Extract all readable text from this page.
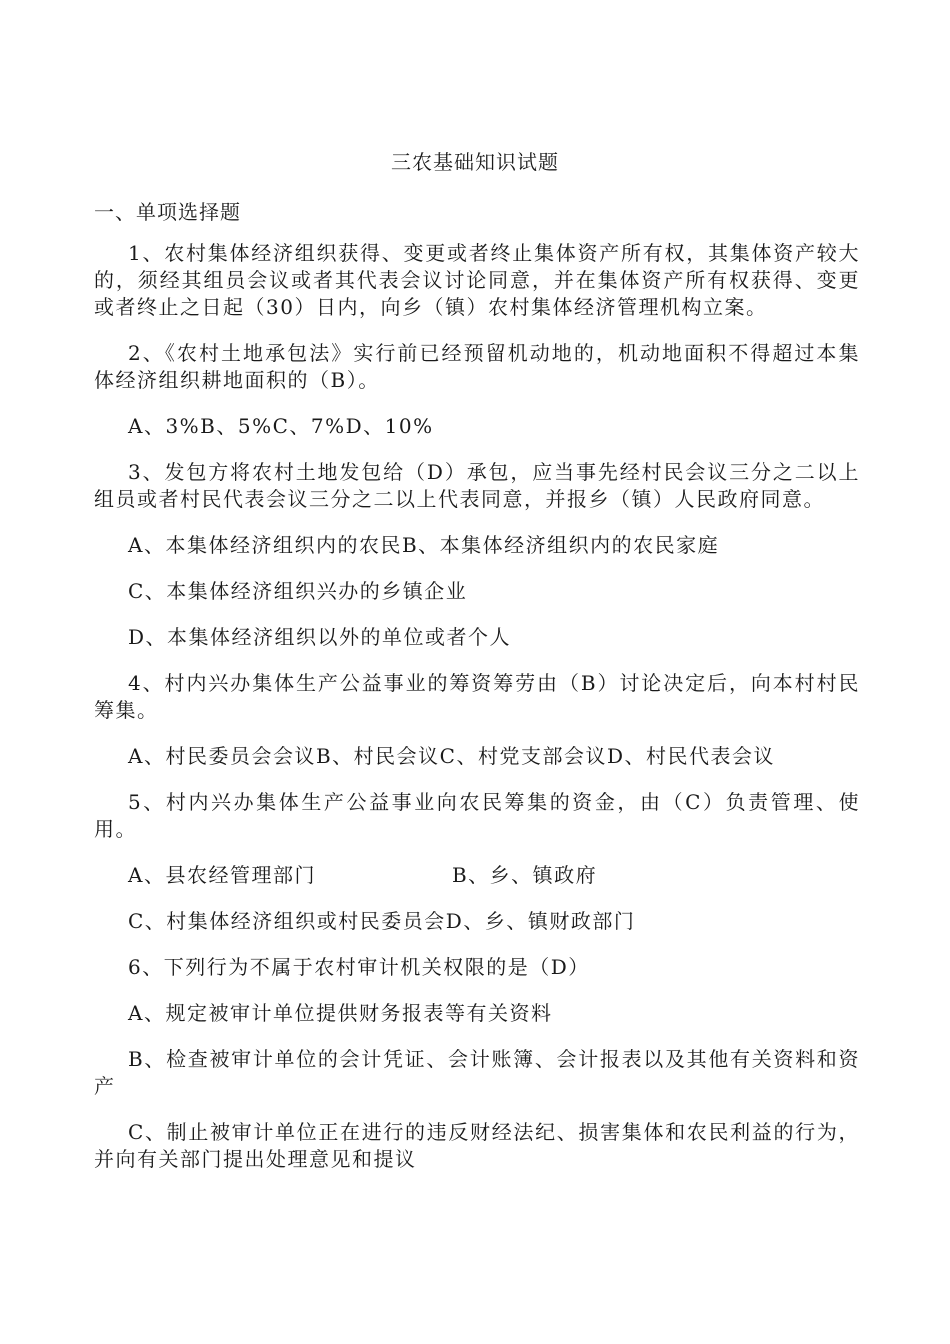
三农基础知识试题
一、单项选择题

1、农村集体经济组织获得、变更或者终止集体资产所有权，其集体资产较大的，须经其组员会议或者其代表会议讨论同意，并在集体资产所有权获得、变更或者终止之日起（30）日内，向乡（镇）农村集体经济管理机构立案。

2、《农村土地承包法》实行前已经预留机动地的，机动地面积不得超过本集体经济组织耕地面积的（B）。

A、3%B、5%C、7%D、10%

3、发包方将农村土地发包给（D）承包，应当事先经村民会议三分之二以上组员或者村民代表会议三分之二以上代表同意，并报乡（镇）人民政府同意。

A、本集体经济组织内的农民B、本集体经济组织内的农民家庭

C、本集体经济组织兴办的乡镇企业

D、本集体经济组织以外的单位或者个人

4、村内兴办集体生产公益事业的筹资筹劳由（B）讨论决定后，向本村村民筹集。

A、村民委员会会议B、村民会议C、村党支部会议D、村民代表会议

5、村内兴办集体生产公益事业向农民筹集的资金，由（C）负责管理、使用。

A、县农经管理部门	B、乡、镇政府

C、村集体经济组织或村民委员会D、乡、镇财政部门

6、下列行为不属于农村审计机关权限的是（D）

A、规定被审计单位提供财务报表等有关资料

B、检查被审计单位的会计凭证、会计账簿、会计报表以及其他有关资料和资产

C、制止被审计单位正在进行的违反财经法纪、损害集体和农民利益的行为，并向有关部门提出处理意见和提议
